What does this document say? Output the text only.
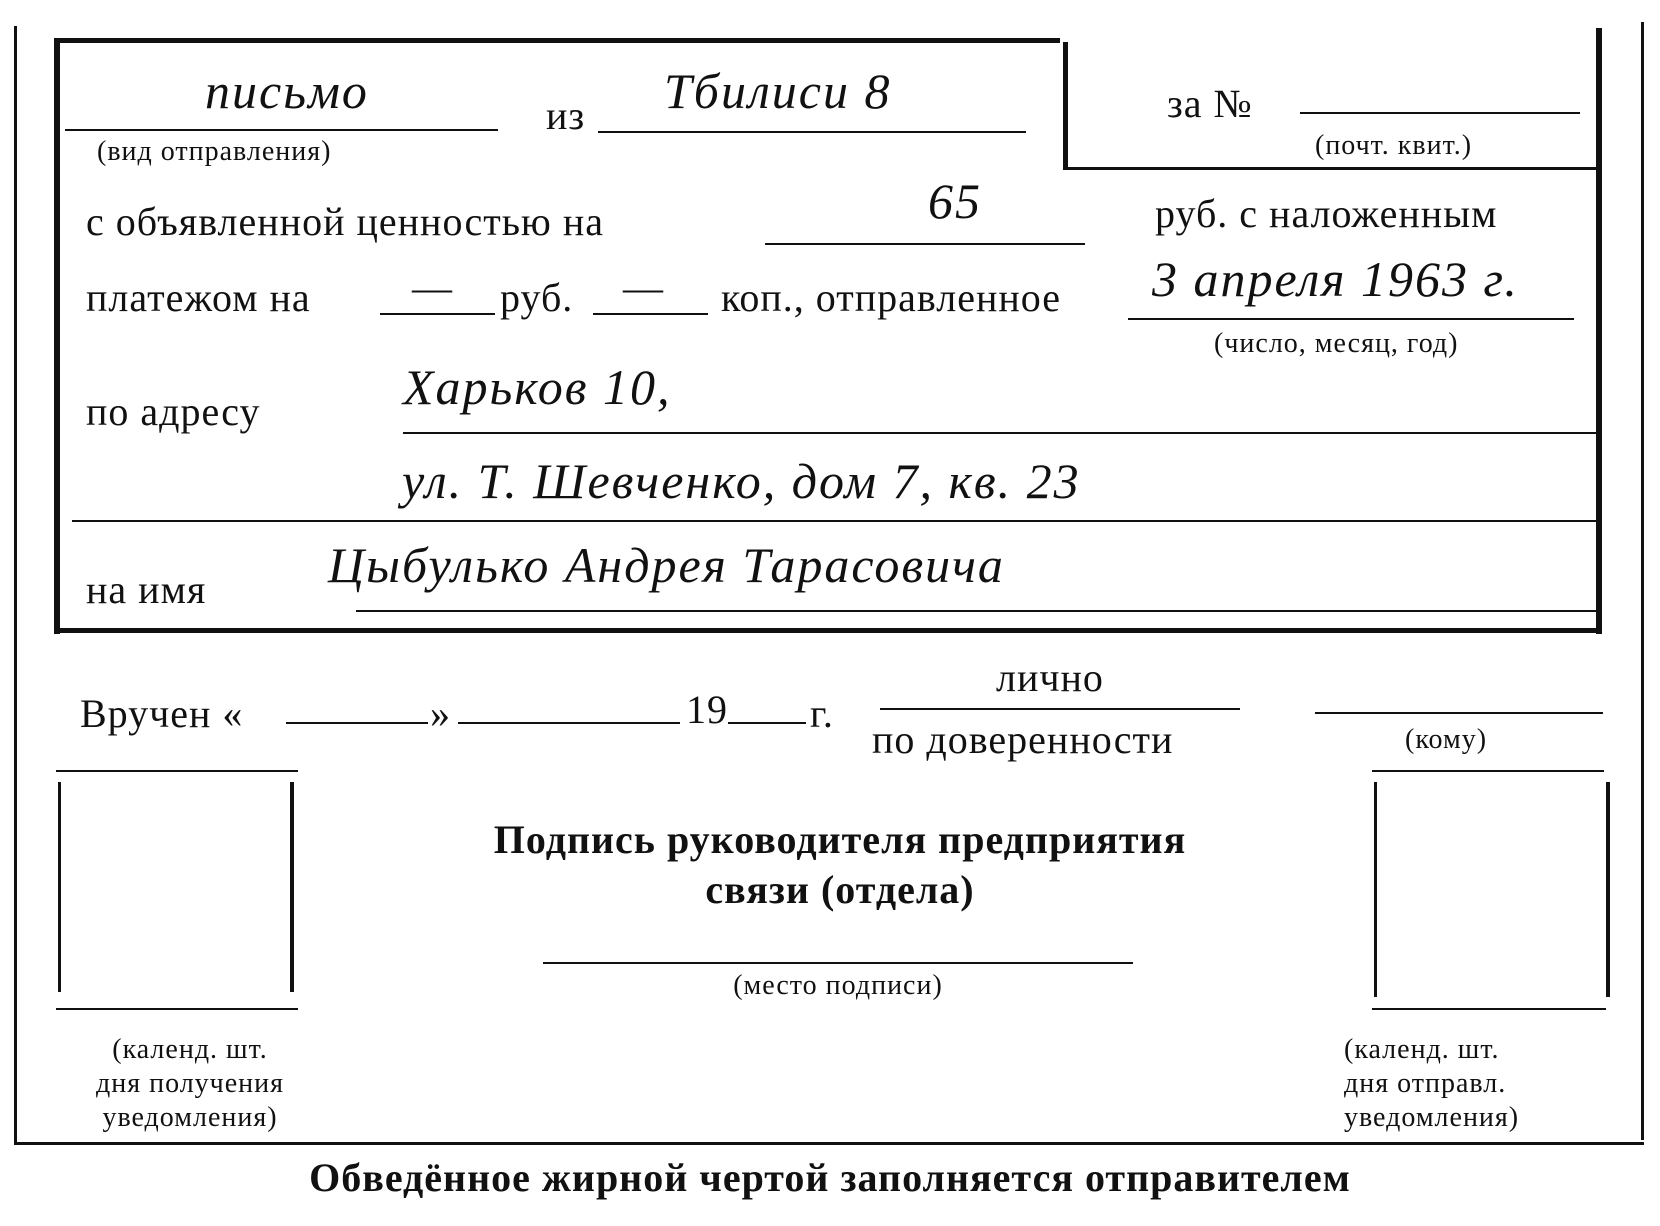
письмо
(вид отправления)
из Тбилиси 8	за №
(почт. квит.)
с объявленной ценностью на	65	руб. с наложенным
платежом на	— руб. — коп., отправленное 3 апреля 1963 г.
(число, месяц, год)
по адресу	Харьков 10,
ул. Т. Шевченко, дом 7, кв. 23
на имя Цыбулько Андрея Тарасовича
Вручен «	»	19 г.
лично
по доверенности	(кому)
(календ. шт.
дня получения
уведомления)
Подпись руководителя предприятия
связи (отдела)
(место подписи)
(календ. шт.
дня отправл.
уведомления)
Обведённое жирной чертой заполняется отправителем
